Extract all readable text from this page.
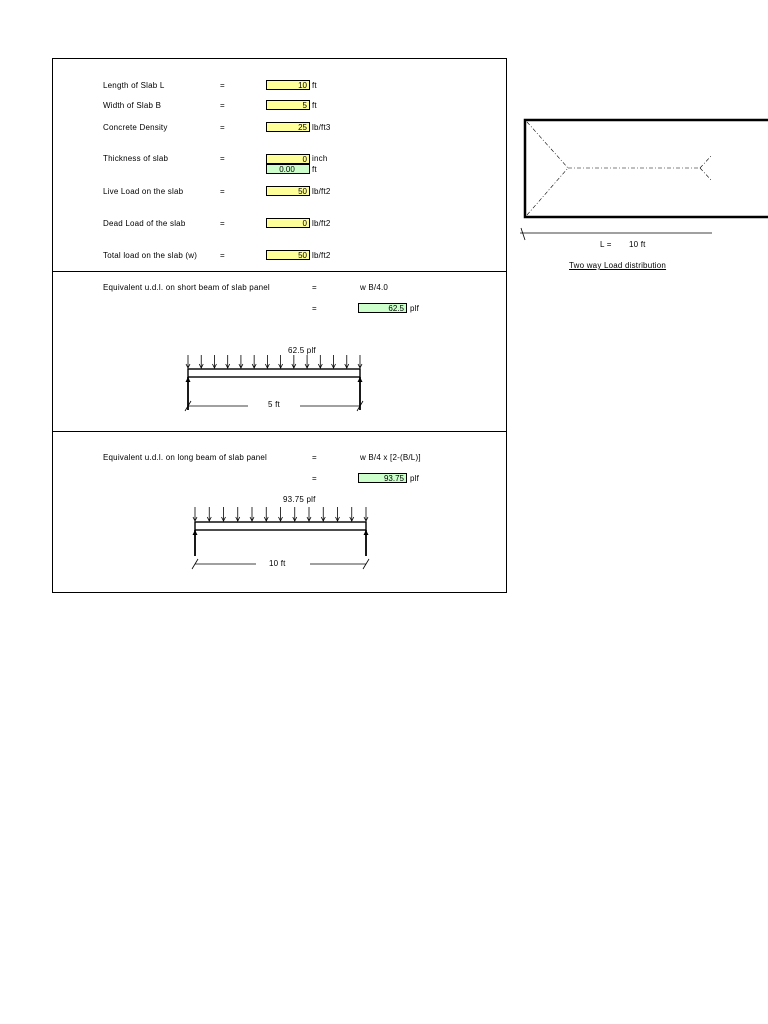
Length of Slab L	=	10 ft
Width of Slab B	=	5 ft
Concrete Density	=	25 lb/ft3
Thickness of slab	=	0 inch
0.00	ft
Live Load on the slab	=	50 lb/ft2
Dead Load of the slab	=	0 lb/ft2
Total load on the slab (w)	=	50 lb/ft2
Equivalent u.d.l. on short beam of slab panel	=	w B/4.0
=	62.5 plf
62.5 plf
5 ft
Equivalent u.d.l. on long beam of slab panel	=	w B/4 x [2-(B/L)]
=	93.75 plf
93.75 plf
10 ft
L = 10 ft
Two way Load distribution
